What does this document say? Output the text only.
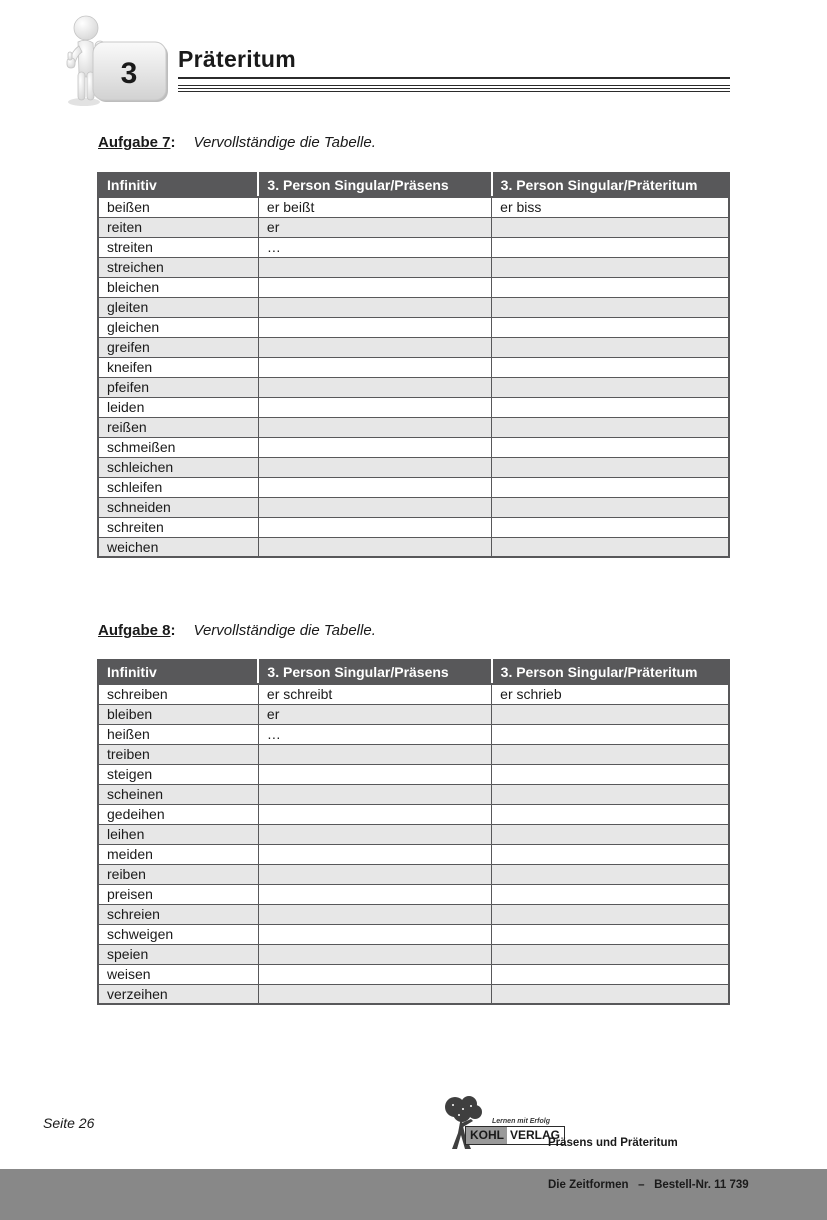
3 Präteritum
Aufgabe 7: Vervollständige die Tabelle.
Infinitiv	3. Person Singular/Präsens	3. Person Singular/Präteritum
beißen	er beißt	er biss
reiten	er	
streiten	…	
streichen		
bleichen		
gleiten		
gleichen		
greifen		
kneifen		
pfeifen		
leiden		
reißen		
schmeißen		
schleichen		
schleifen		
schneiden		
schreiten		
weichen		
Aufgabe 8: Vervollständige die Tabelle.
Infinitiv	3. Person Singular/Präsens	3. Person Singular/Präteritum
schreiben	er schreibt	er schrieb
bleiben	er	
heißen	…	
treiben		
steigen		
scheinen		
gedeihen		
leihen		
meiden		
reiben		
preisen		
schreien		
schweigen		
speien		
weisen		
verzeihen		
Seite 26	Lernen mit Erfolg
KOHL VERLAG

Präsens und Präteritum

Die Zeitformen   –   Bestell-Nr. 11 739
